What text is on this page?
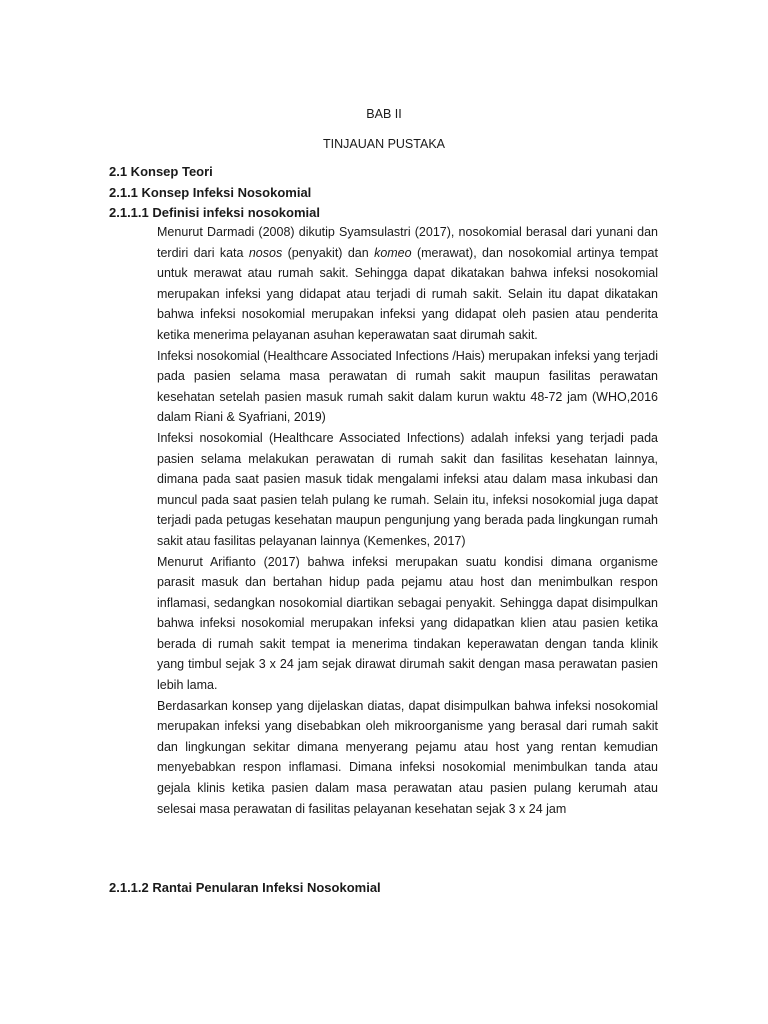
BAB II

TINJAUAN PUSTAKA

2.1 Konsep Teori

2.1.1 Konsep Infeksi Nosokomial

2.1.1.1 Definisi infeksi nosokomial

Menurut Darmadi (2008) dikutip Syamsulastri (2017), nosokomial berasal dari yunani dan terdiri dari kata nosos (penyakit) dan komeo (merawat), dan nosokomial artinya tempat untuk merawat atau rumah sakit. Sehingga dapat dikatakan bahwa infeksi nosokomial merupakan infeksi yang didapat atau terjadi di rumah sakit. Selain itu dapat dikatakan bahwa infeksi nosokomial merupakan infeksi yang didapat oleh pasien atau penderita ketika menerima pelayanan asuhan keperawatan saat dirumah sakit.

Infeksi nosokomial (Healthcare Associated Infections /Hais) merupakan infeksi yang terjadi pada pasien selama masa perawatan di rumah sakit maupun fasilitas perawatan kesehatan setelah pasien masuk rumah sakit dalam kurun waktu 48-72 jam (WHO,2016 dalam Riani & Syafriani, 2019)

Infeksi nosokomial (Healthcare Associated Infections) adalah infeksi yang terjadi pada pasien selama melakukan perawatan di rumah sakit dan fasilitas kesehatan lainnya, dimana pada saat pasien masuk tidak mengalami infeksi atau dalam masa inkubasi dan muncul pada saat pasien telah pulang ke rumah. Selain itu, infeksi nosokomial juga dapat terjadi pada petugas kesehatan maupun pengunjung yang berada pada lingkungan rumah sakit atau fasilitas pelayanan lainnya (Kemenkes, 2017)

Menurut Arifianto (2017) bahwa infeksi merupakan suatu kondisi dimana organisme parasit masuk dan bertahan hidup pada pejamu atau host dan menimbulkan respon inflamasi, sedangkan nosokomial diartikan sebagai penyakit. Sehingga dapat disimpulkan bahwa infeksi nosokomial merupakan infeksi yang didapatkan klien atau pasien ketika berada di rumah sakit tempat ia menerima tindakan keperawatan dengan tanda klinik yang timbul sejak 3 x 24 jam sejak dirawat dirumah sakit dengan masa perawatan pasien lebih lama.

Berdasarkan konsep yang dijelaskan diatas, dapat disimpulkan bahwa infeksi nosokomial merupakan infeksi yang disebabkan oleh mikroorganisme yang berasal dari rumah sakit dan lingkungan sekitar dimana menyerang pejamu atau host yang rentan kemudian menyebabkan respon inflamasi. Dimana infeksi nosokomial menimbulkan tanda atau gejala klinis ketika pasien dalam masa perawatan atau pasien pulang kerumah atau selesai masa perawatan di fasilitas pelayanan kesehatan sejak 3 x 24 jam

2.1.1.2 Rantai Penularan Infeksi Nosokomial
